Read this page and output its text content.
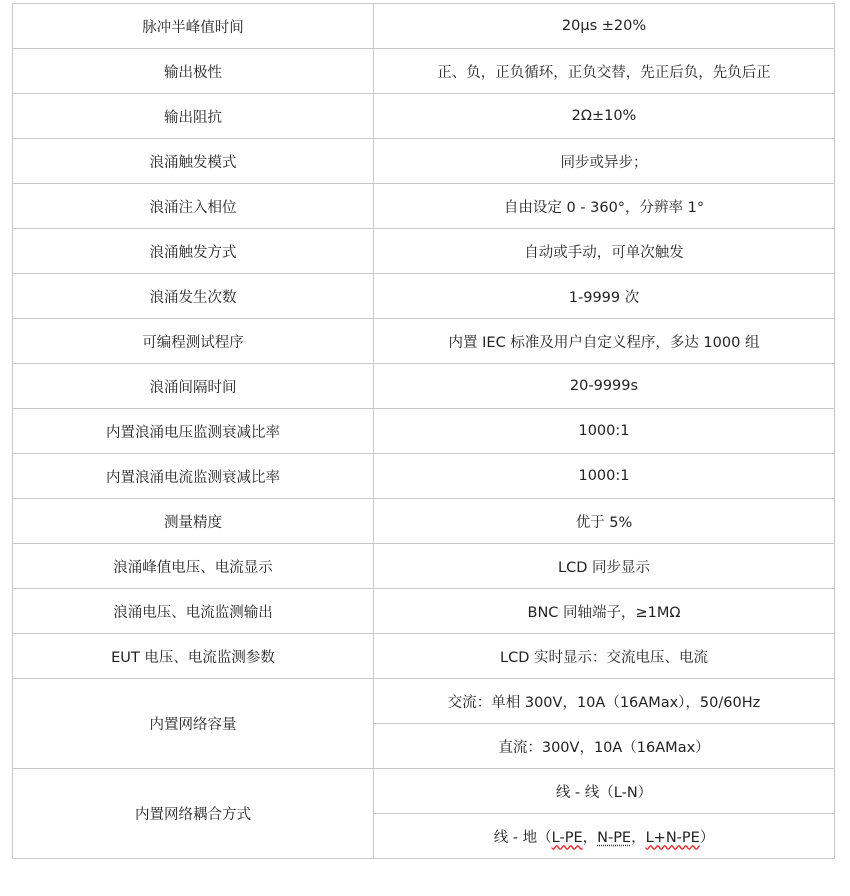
脉冲半峰值时间	20μs ±20%
输出极性	正、负，正负循环，正负交替，先正后负，先负后正
输出阻抗	2Ω±10%
浪涌触发模式	同步或异步；
浪涌注入相位	自由设定 0 - 360°，分辨率 1°
浪涌触发方式	自动或手动，可单次触发
浪涌发生次数	1-9999 次
可编程测试程序	内置 IEC 标准及用户自定义程序，多达 1000 组
浪涌间隔时间	20-9999s
内置浪涌电压监测衰减比率	1000:1
内置浪涌电流监测衰减比率	1000:1
测量精度	优于 5%
浪涌峰值电压、电流显示	LCD 同步显示
浪涌电压、电流监测输出	BNC 同轴端子，≥1MΩ
EUT 电压、电流监测参数	LCD 实时显示：交流电压、电流
内置网络容量	交流：单相 300V，10A（16AMax），50/60Hz
	直流：300V，10A（16AMax）
内置网络耦合方式	线 - 线（L-N）
	线 - 地（L-PE，N-PE，L+N-PE）
